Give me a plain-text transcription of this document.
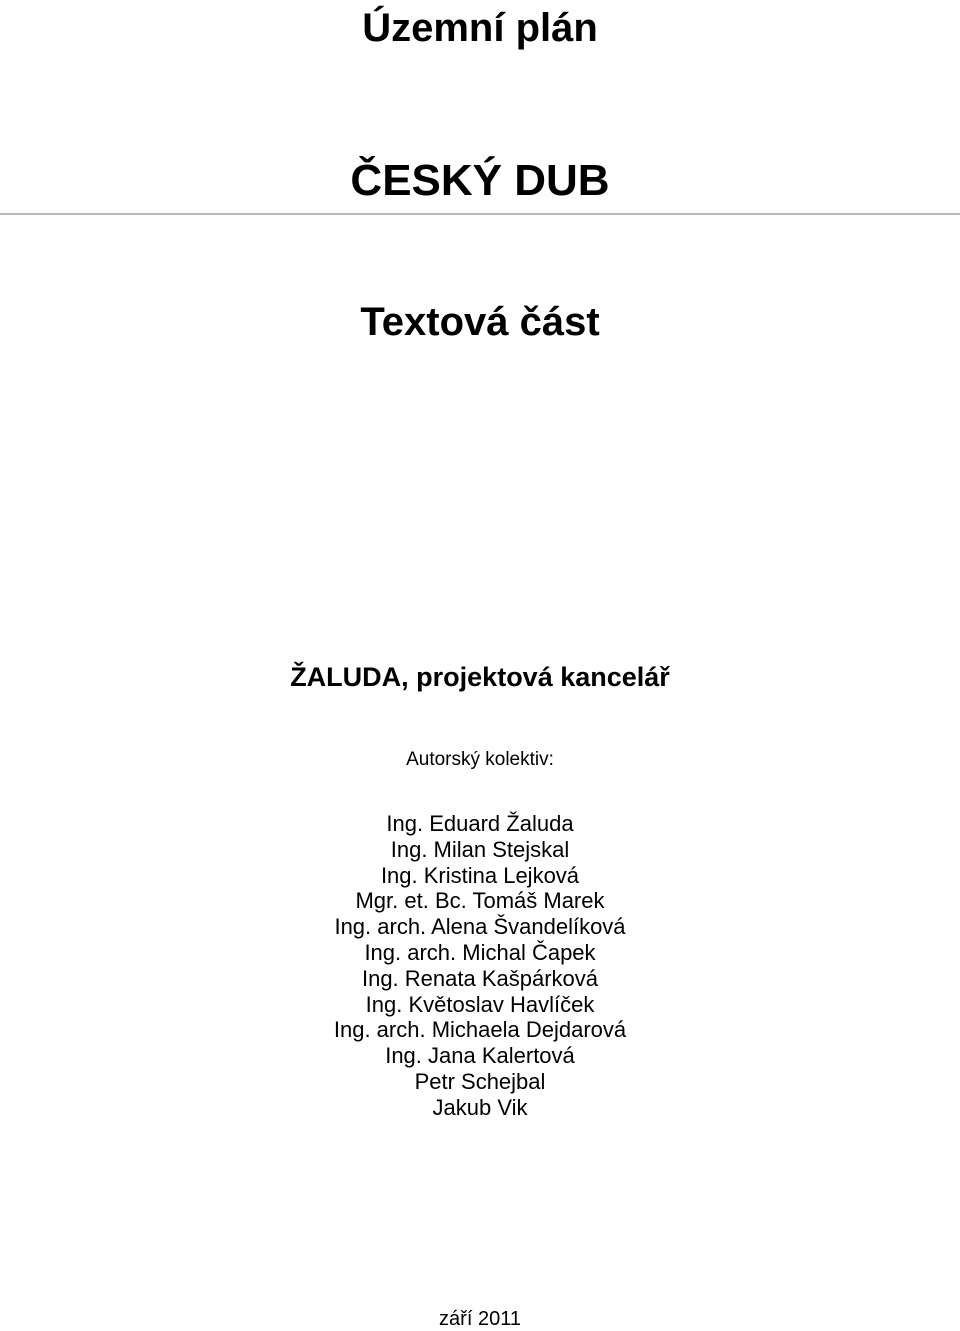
Územní plán
ČESKÝ DUB
Textová část
ŽALUDA, projektová kancelář
Autorský kolektiv:
Ing. Eduard Žaluda
Ing. Milan Stejskal
Ing. Kristina Lejková
Mgr. et. Bc. Tomáš Marek
Ing. arch. Alena Švandelíková
Ing. arch. Michal Čapek
Ing. Renata Kašpárková
Ing. Květoslav Havlíček
Ing. arch. Michaela Dejdarová
Ing. Jana Kalertová
Petr Schejbal
Jakub Vik
září 2011
